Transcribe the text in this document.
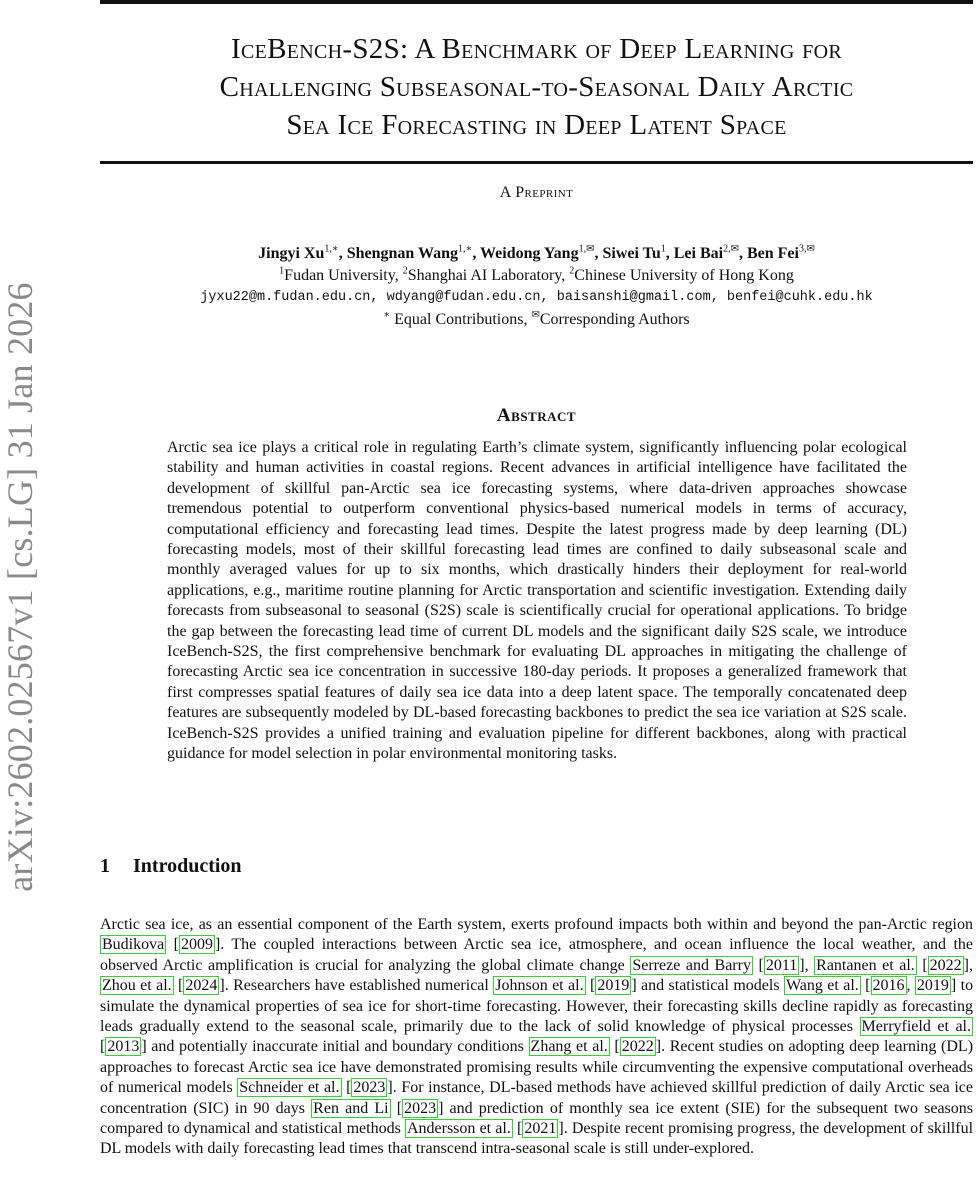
arXiv:2602.02567v1 [cs.LG] 31 Jan 2026
IceBench-S2S: A Benchmark of Deep Learning for
Challenging Subseasonal-to-Seasonal Daily Arctic
Sea Ice Forecasting in Deep Latent Space
A Preprint
Jingyi $Xu^{1,∗}$, Shengnan Wang$^{1,∗}$, Weidong Yang$^{1,✉}$, Siwei Tu$^1$, Lei Bai$^{2,✉}$, Ben Fei$^{3,✉}$
$^1$Fudan University, $^2$Shanghai AI Laboratory, $^2$Chinese University of Hong Kong
jyxu22@m.fudan.edu.cn, wdyang@fudan.edu.cn, baisanshi@gmail.com, benfei@cuhk.edu.hk
∗ Equal Contributions, ✉Corresponding Authors
Abstract

Arctic sea ice plays a critical role in regulating Earth’s climate system, significantly influencing polar ecological stability and human activities in coastal regions. Recent advances in artificial intelligence have facilitated the development of skillful pan-Arctic sea ice forecasting systems, where data-driven approaches showcase tremendous potential to outperform conventional physics-based numerical models in terms of accuracy, computational efficiency and forecasting lead times. Despite the latest progress made by deep learning (DL) forecasting models, most of their skillful forecasting lead times are confined to daily subseasonal scale and monthly averaged values for up to six months, which drastically hinders their deployment for real-world applications, e.g., maritime routine planning for Arctic transportation and scientific investigation. Extending daily forecasts from subseasonal to seasonal (S2S) scale is scientifically crucial for operational applications. To bridge the gap between the forecasting lead time of current DL models and the significant daily S2S scale, we introduce IceBench-S2S, the first comprehensive benchmark for evaluating DL approaches in mitigating the challenge of forecasting Arctic sea ice concentration in successive 180-day periods. It proposes a generalized framework that first compresses spatial features of daily sea ice data into a deep latent space. The temporally concatenated deep features are subsequently modeled by DL-based forecasting backbones to predict the sea ice variation at S2S scale. IceBench-S2S provides a unified training and evaluation pipeline for different backbones, along with practical guidance for model selection in polar environmental monitoring tasks.

1 Introduction

Arctic sea ice, as an essential component of the Earth system, exerts profound impacts both within and beyond the pan-Arctic region Budikova [ 2009 ]. The coupled interactions between Arctic sea ice, atmosphere, and ocean influence the local weather, and the observed Arctic amplification is crucial for analyzing the global climate change Serreze and Barry [ 2011 ], Rantanen et al. [ 2022 ], Zhou et al. [ 2024 ]. Researchers have established numerical Johnson et al. [ 2019 ] and statistical models Wang et al. [ 2016 , 2019 ] to simulate the dynamical properties of sea ice for short-time forecasting. However, their forecasting skills decline rapidly as forecasting leads gradually extend to the seasonal scale, primarily due to the lack of solid knowledge of physical processes Merryfield et al. [ 2013 ] and potentially inaccurate initial and boundary conditions Zhang et al. [ 2022 ]. Recent studies on adopting deep learning (DL) approaches to forecast Arctic sea ice have demonstrated promising results while circumventing the expensive computational overheads of numerical models Schneider et al. [ 2023 ]. For instance, DL-based methods have achieved skillful prediction of daily Arctic sea ice concentration (SIC) in 90 days Ren and Li [ 2023 ] and prediction of monthly sea ice extent (SIE) for the subsequent two seasons compared to dynamical and statistical methods Andersson et al. [ 2021 ]. Despite recent promising progress, the development of skillful DL models with daily forecasting lead times that transcend intra-seasonal scale is still under-explored.
